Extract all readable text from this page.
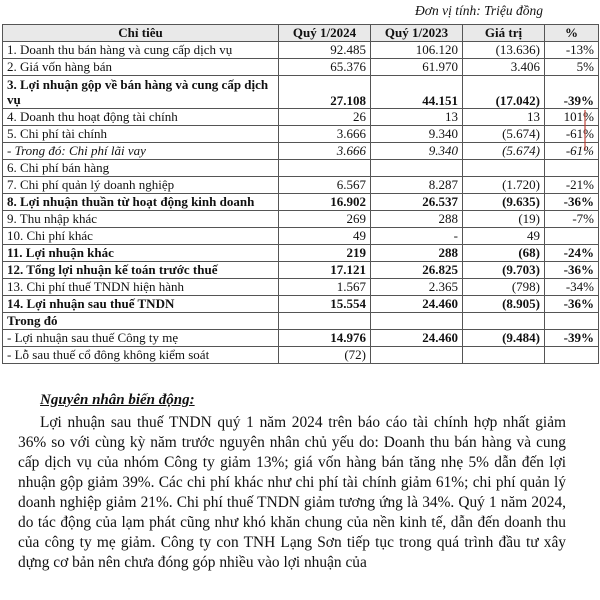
Đơn vị tính: Triệu đồng
Chỉ tiêu	Quý 1/2024	Quý 1/2023	Giá trị	%
1. Doanh thu bán hàng và cung cấp dịch vụ	92.485	106.120	(13.636)	-13%
2. Giá vốn hàng bán	65.376	61.970	3.406	5%
3. Lợi nhuận gộp về bán hàng và cung cấp dịch vụ	27.108	44.151	(17.042)	-39%
4. Doanh thu hoạt động tài chính	26	13	13	101%
5. Chi phí tài chính	3.666	9.340	(5.674)	-61%
- Trong đó: Chi phí lãi vay	3.666	9.340	(5.674)	-61%
6. Chi phí bán hàng				
7. Chi phí quản lý doanh nghiệp	6.567	8.287	(1.720)	-21%
8. Lợi nhuận thuần từ hoạt động kinh doanh	16.902	26.537	(9.635)	-36%
9. Thu nhập khác	269	288	(19)	-7%
10. Chi phí khác	49	-	49	
11. Lợi nhuận khác	219	288	(68)	-24%
12. Tổng lợi nhuận kế toán trước thuế	17.121	26.825	(9.703)	-36%
13. Chi phí thuế TNDN hiện hành	1.567	2.365	(798)	-34%
14. Lợi nhuận sau thuế TNDN	15.554	24.460	(8.905)	-36%
Trong đó				
- Lợi nhuận sau thuế Công ty mẹ	14.976	24.460	(9.484)	-39%
- Lỗ sau thuế cổ đông không kiểm soát	(72)			
Nguyên nhân biến động:

Lợi nhuận sau thuế TNDN quý 1 năm 2024 trên báo cáo tài chính hợp nhất giảm 36% so với cùng kỳ năm trước nguyên nhân chủ yếu do: Doanh thu bán hàng và cung cấp dịch vụ của nhóm Công ty giảm 13%; giá vốn hàng bán tăng nhẹ 5% dẫn đến lợi nhuận gộp giảm 39%. Các chi phí khác như chi phí tài chính giảm 61%; chi phí quản lý doanh nghiệp giảm 21%. Chi phí thuế TNDN giảm tương ứng là 34%. Quý 1 năm 2024, do tác động của lạm phát cũng như khó khăn chung của nền kinh tế, dẫn đến doanh thu của công ty mẹ giảm. Công ty con TNH Lạng Sơn tiếp tục trong quá trình đầu tư xây dựng cơ bản nên chưa đóng góp nhiều vào lợi nhuận của
